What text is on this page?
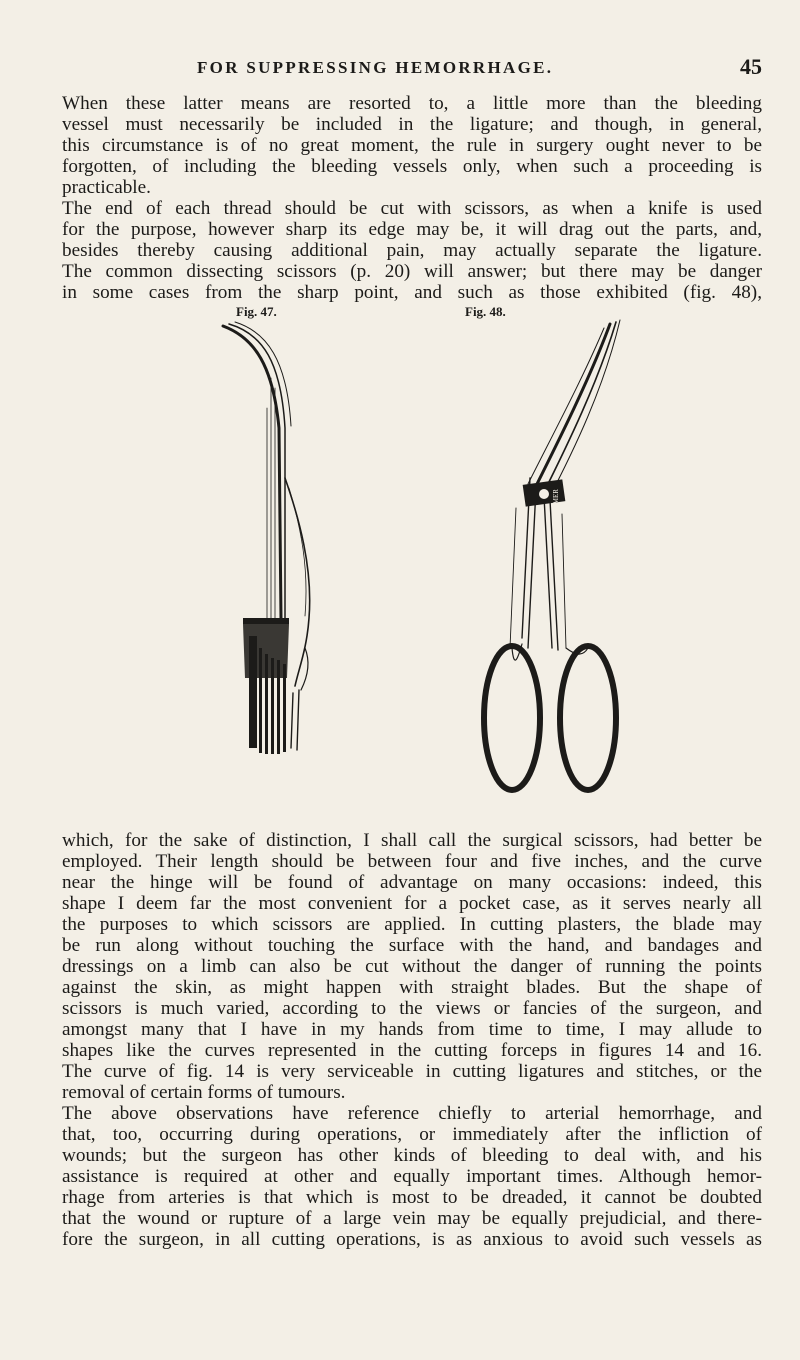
FOR SUPPRESSING HEMORRHAGE.	45

When these latter means are resorted to, a little more than the bleeding
vessel must necessarily be included in the ligature; and though, in general,
this circumstance is of no great moment, the rule in surgery ought never to be
forgotten, of including the bleeding vessels only, when such a proceeding is
practicable.
The end of each thread should be cut with scissors, as when a knife is used
for the purpose, however sharp its edge may be, it will drag out the parts, and,
besides thereby causing additional pain, may actually separate the ligature.
The common dissecting scissors (p. 20) will answer; but there may be danger
in some cases from the sharp point, and such as those exhibited (fig. 48),

Fig. 47.	Fig. 48.
ROMER

which, for the sake of distinction, I shall call the surgical scissors, had better be
employed. Their length should be between four and five inches, and the curve
near the hinge will be found of advantage on many occasions: indeed, this
shape I deem far the most convenient for a pocket case, as it serves nearly all
the purposes to which scissors are applied. In cutting plasters, the blade may
be run along without touching the surface with the hand, and bandages and
dressings on a limb can also be cut without the danger of running the points
against the skin, as might happen with straight blades. But the shape of
scissors is much varied, according to the views or fancies of the surgeon, and
amongst many that I have in my hands from time to time, I may allude to
shapes like the curves represented in the cutting forceps in figures 14 and 16.
The curve of fig. 14 is very serviceable in cutting ligatures and stitches, or the
removal of certain forms of tumours.
The above observations have reference chiefly to arterial hemorrhage, and
that, too, occurring during operations, or immediately after the infliction of
wounds; but the surgeon has other kinds of bleeding to deal with, and his
assistance is required at other and equally important times. Although hemor-
rhage from arteries is that which is most to be dreaded, it cannot be doubted
that the wound or rupture of a large vein may be equally prejudicial, and there-
fore the surgeon, in all cutting operations, is as anxious to avoid such vessels as
